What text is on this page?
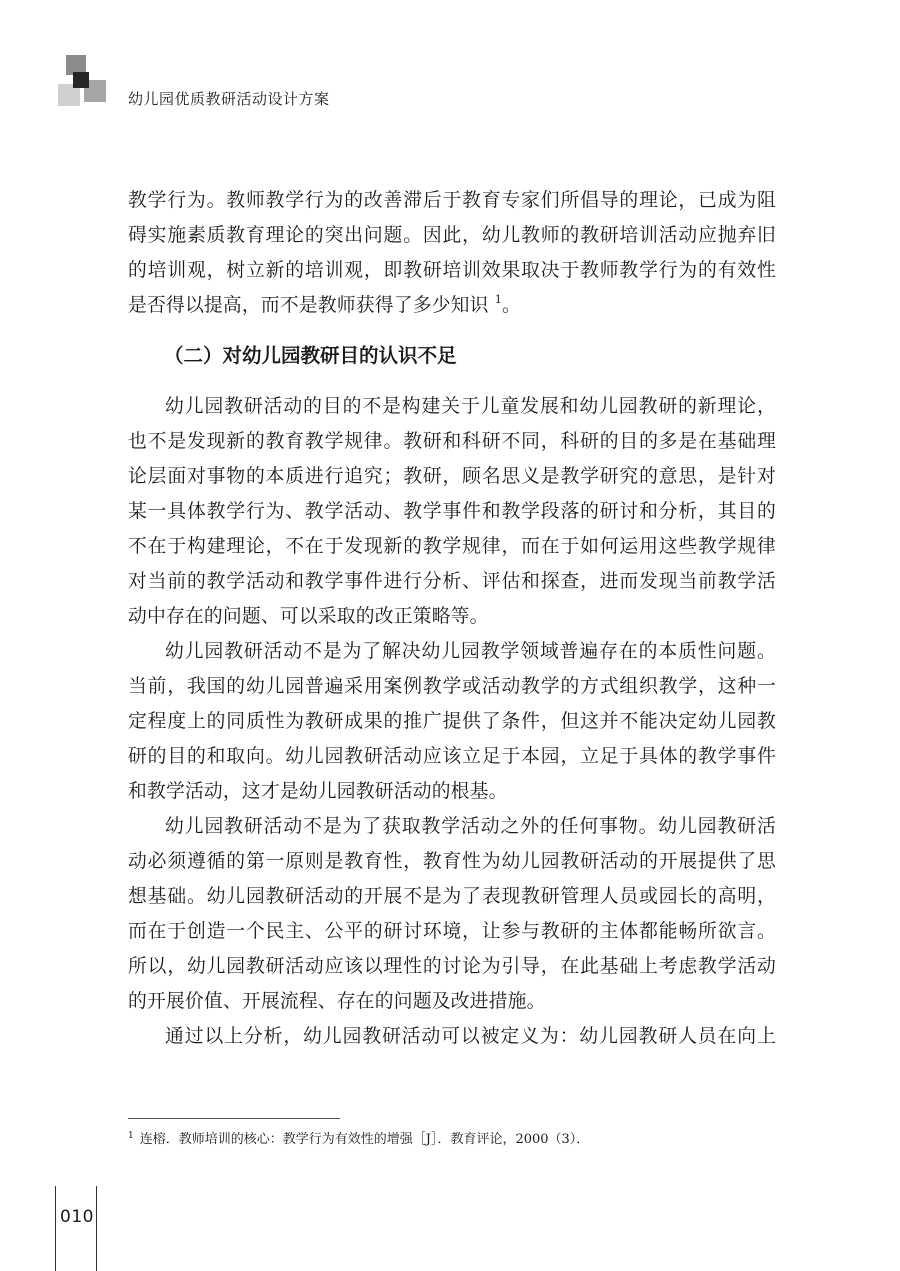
幼儿园优质教研活动设计方案

教学行为。教师教学行为的改善滞后于教育专家们所倡导的理论，已成为阻

碍实施素质教育理论的突出问题。因此，幼儿教师的教研培训活动应抛弃旧

的培训观，树立新的培训观，即教研培训效果取决于教师教学行为的有效性

是否得以提高，而不是教师获得了多少知识 $^1$。

（二）对幼儿园教研目的认识不足

幼儿园教研活动的目的不是构建关于儿童发展和幼儿园教研的新理论，

也不是发现新的教育教学规律。教研和科研不同，科研的目的多是在基础理

论层面对事物的本质进行追究；教研，顾名思义是教学研究的意思，是针对

某一具体教学行为、教学活动、教学事件和教学段落的研讨和分析，其目的

不在于构建理论，不在于发现新的教学规律，而在于如何运用这些教学规律

对当前的教学活动和教学事件进行分析、评估和探查，进而发现当前教学活

动中存在的问题、可以采取的改正策略等。

幼儿园教研活动不是为了解决幼儿园教学领域普遍存在的本质性问题。

当前，我国的幼儿园普遍采用案例教学或活动教学的方式组织教学，这种一

定程度上的同质性为教研成果的推广提供了条件，但这并不能决定幼儿园教

研的目的和取向。幼儿园教研活动应该立足于本园，立足于具体的教学事件

和教学活动，这才是幼儿园教研活动的根基。

幼儿园教研活动不是为了获取教学活动之外的任何事物。幼儿园教研活

动必须遵循的第一原则是教育性，教育性为幼儿园教研活动的开展提供了思

想基础。幼儿园教研活动的开展不是为了表现教研管理人员或园长的高明，

而在于创造一个民主、公平的研讨环境，让参与教研的主体都能畅所欲言。

所以，幼儿园教研活动应该以理性的讨论为引导，在此基础上考虑教学活动

的开展价值、开展流程、存在的问题及改进措施。

通过以上分析，幼儿园教研活动可以被定义为：幼儿园教研人员在向上

$^1$ 连榕．教师培训的核心：教学行为有效性的增强［J］．教育评论，2000（3）．
010
